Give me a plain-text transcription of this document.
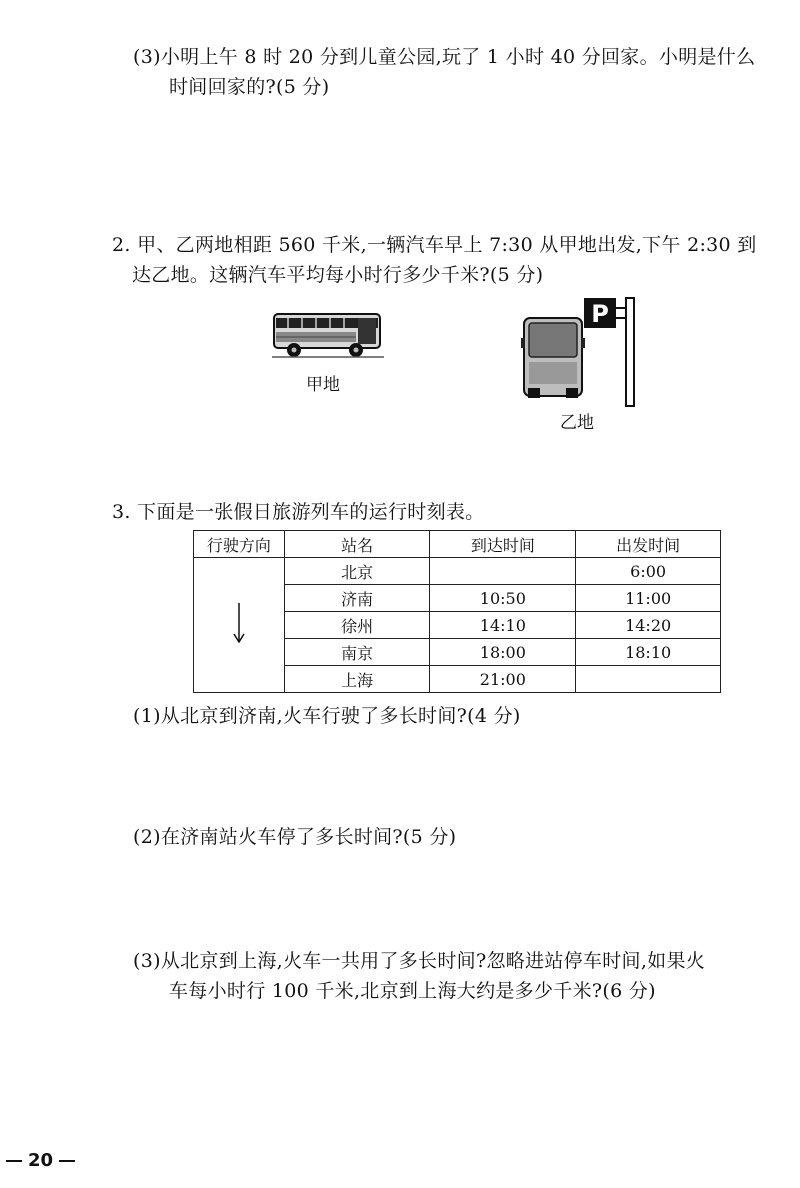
(3)小明上午 8 时 20 分到儿童公园,玩了 1 小时 40 分回家。小明是什么

时间回家的?(5 分)

2. 甲、乙两地相距 560 千米,一辆汽车早上 7:30 从甲地出发,下午 2:30 到

达乙地。这辆汽车平均每小时行多少千米?(5 分)

甲地
P
乙地

3. 下面是一张假日旅游列车的运行时刻表。

行驶方向	站名	到达时间	出发时间
	北京		6:00
	济南	10:50	11:00
	徐州	14:10	14:20
	南京	18:00	18:10
	上海	21:00	

(1)从北京到济南,火车行驶了多长时间?(4 分)

(2)在济南站火车停了多长时间?(5 分)

(3)从北京到上海,火车一共用了多长时间?忽略进站停车时间,如果火

车每小时行 100 千米,北京到上海大约是多少千米?(6 分)

20
